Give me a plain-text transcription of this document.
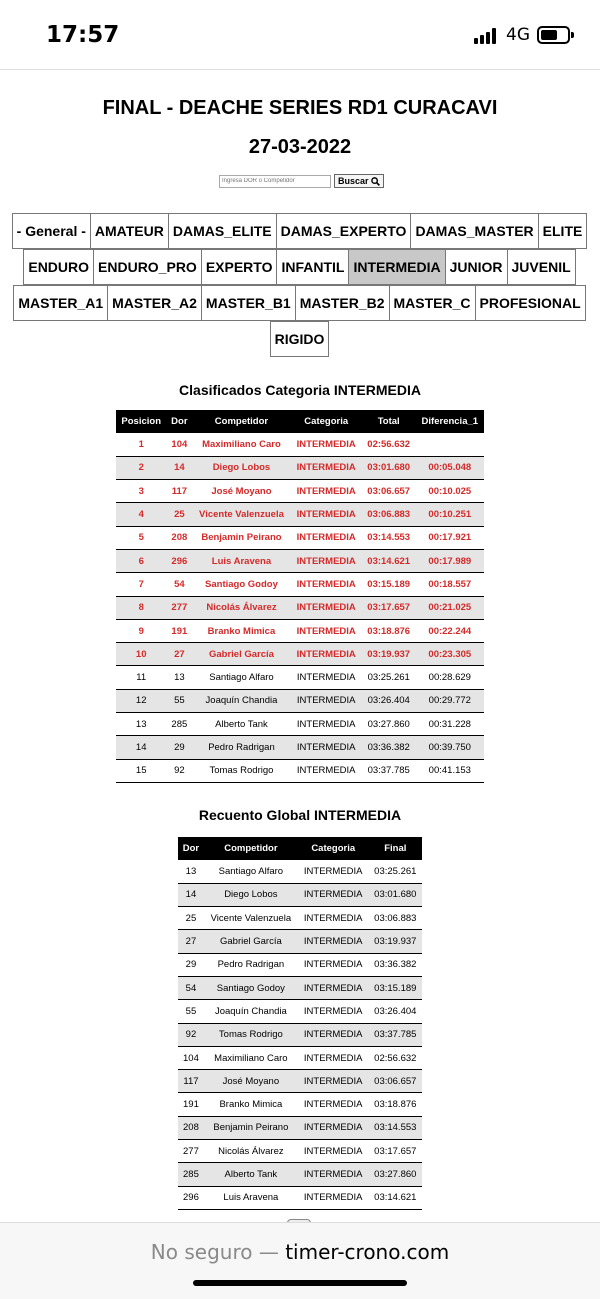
17:57	4G
FINAL - DEACHE SERIES RD1 CURACAVI
27-03-2022
Ingresa DOR o Competidor
Buscar
- General - AMATEUR DAMAS_ELITE DAMAS_EXPERTO DAMAS_MASTER ELITE
ENDURO ENDURO_PRO EXPERTO INFANTIL INTERMEDIA JUNIOR JUVENIL
MASTER_A1 MASTER_A2 MASTER_B1 MASTER_B2 MASTER_C PROFESIONAL
RIGIDO
Clasificados Categoria INTERMEDIA
Posicion	Dor	Competidor	Categoria	Total	Diferencia_1
1	104	Maximiliano Caro	INTERMEDIA	02:56.632	
2	14	Diego Lobos	INTERMEDIA	03:01.680	00:05.048
3	117	José Moyano	INTERMEDIA	03:06.657	00:10.025
4	25	Vicente Valenzuela	INTERMEDIA	03:06.883	00:10.251
5	208	Benjamin Peirano	INTERMEDIA	03:14.553	00:17.921
6	296	Luis Aravena	INTERMEDIA	03:14.621	00:17.989
7	54	Santiago Godoy	INTERMEDIA	03:15.189	00:18.557
8	277	Nicolás Álvarez	INTERMEDIA	03:17.657	00:21.025
9	191	Branko Mimica	INTERMEDIA	03:18.876	00:22.244
10	27	Gabriel García	INTERMEDIA	03:19.937	00:23.305
11	13	Santiago Alfaro	INTERMEDIA	03:25.261	00:28.629
12	55	Joaquín Chandia	INTERMEDIA	03:26.404	00:29.772
13	285	Alberto Tank	INTERMEDIA	03:27.860	00:31.228
14	29	Pedro Radrigan	INTERMEDIA	03:36.382	00:39.750
15	92	Tomas Rodrigo	INTERMEDIA	03:37.785	00:41.153
Recuento Global INTERMEDIA
Dor	Competidor	Categoria	Final
13	Santiago Alfaro	INTERMEDIA	03:25.261
14	Diego Lobos	INTERMEDIA	03:01.680
25	Vicente Valenzuela	INTERMEDIA	03:06.883
27	Gabriel García	INTERMEDIA	03:19.937
29	Pedro Radrigan	INTERMEDIA	03:36.382
54	Santiago Godoy	INTERMEDIA	03:15.189
55	Joaquín Chandia	INTERMEDIA	03:26.404
92	Tomas Rodrigo	INTERMEDIA	03:37.785
104	Maximiliano Caro	INTERMEDIA	02:56.632
117	José Moyano	INTERMEDIA	03:06.657
191	Branko Mimica	INTERMEDIA	03:18.876
208	Benjamin Peirano	INTERMEDIA	03:14.553
277	Nicolás Álvarez	INTERMEDIA	03:17.657
285	Alberto Tank	INTERMEDIA	03:27.860
296	Luis Aravena	INTERMEDIA	03:14.621
No seguro — timer-crono.com
